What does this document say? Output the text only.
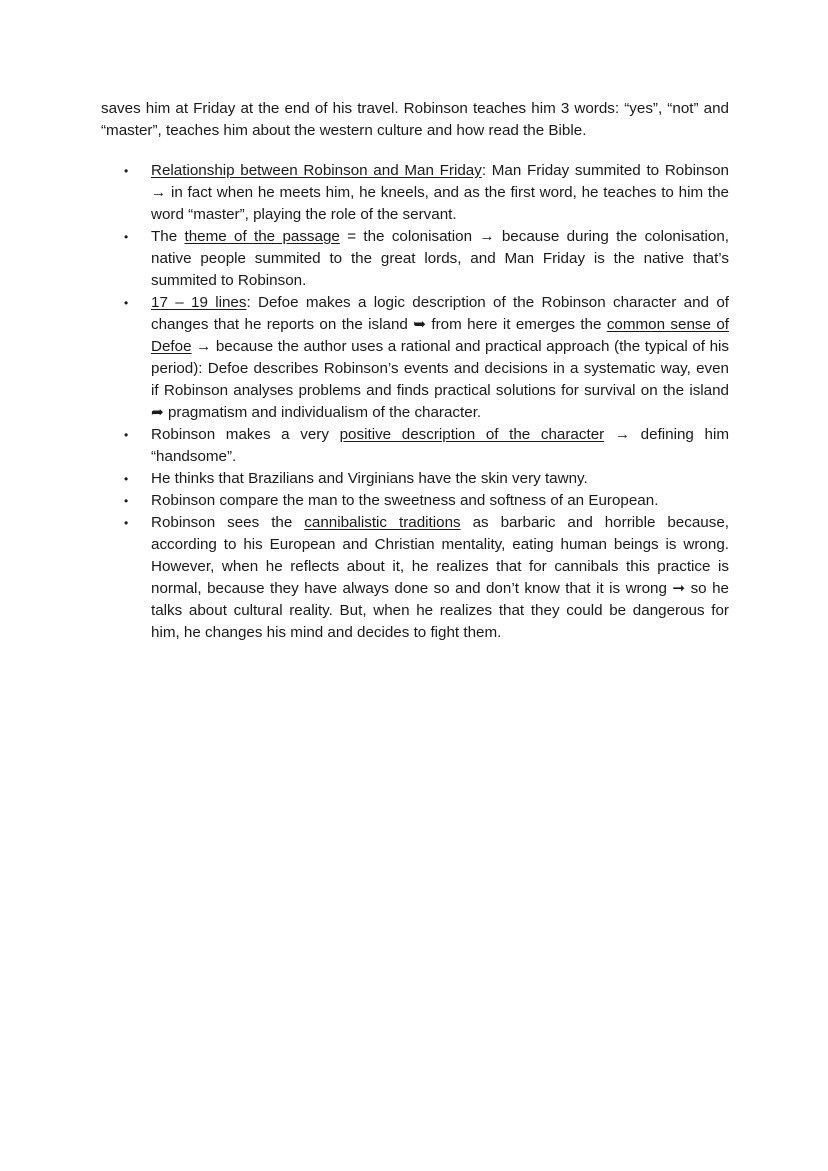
saves him at Friday at the end of his travel. Robinson teaches him 3 words: “yes”, “not” and “master”, teaches him about the western culture and how read the Bible.

• Relationship between Robinson and Man Friday: Man Friday summited to Robinson → in fact when he meets him, he kneels, and as the first word, he teaches to him the word “master”, playing the role of the servant.
• The theme of the passage = the colonisation → because during the colonisation, native people summited to the great lords, and Man Friday is the native that’s summited to Robinson.
• 17 – 19 lines: Defoe makes a logic description of the Robinson character and of changes that he reports on the island ➥ from here it emerges the common sense of Defoe → because the author uses a rational and practical approach (the typical of his period): Defoe describes Robinson’s events and decisions in a systematic way, even if Robinson analyses problems and finds practical solutions for survival on the island ➦ pragmatism and individualism of the character.
• Robinson makes a very positive description of the character → defining him “handsome”.
• He thinks that Brazilians and Virginians have the skin very tawny.
• Robinson compare the man to the sweetness and softness of an European.
• Robinson sees the cannibalistic traditions as barbaric and horrible because, according to his European and Christian mentality, eating human beings is wrong. However, when he reflects about it, he realizes that for cannibals this practice is normal, because they have always done so and don’t know that it is wrong ➞ so he talks about cultural reality. But, when he realizes that they could be dangerous for him, he changes his mind and decides to fight them.
